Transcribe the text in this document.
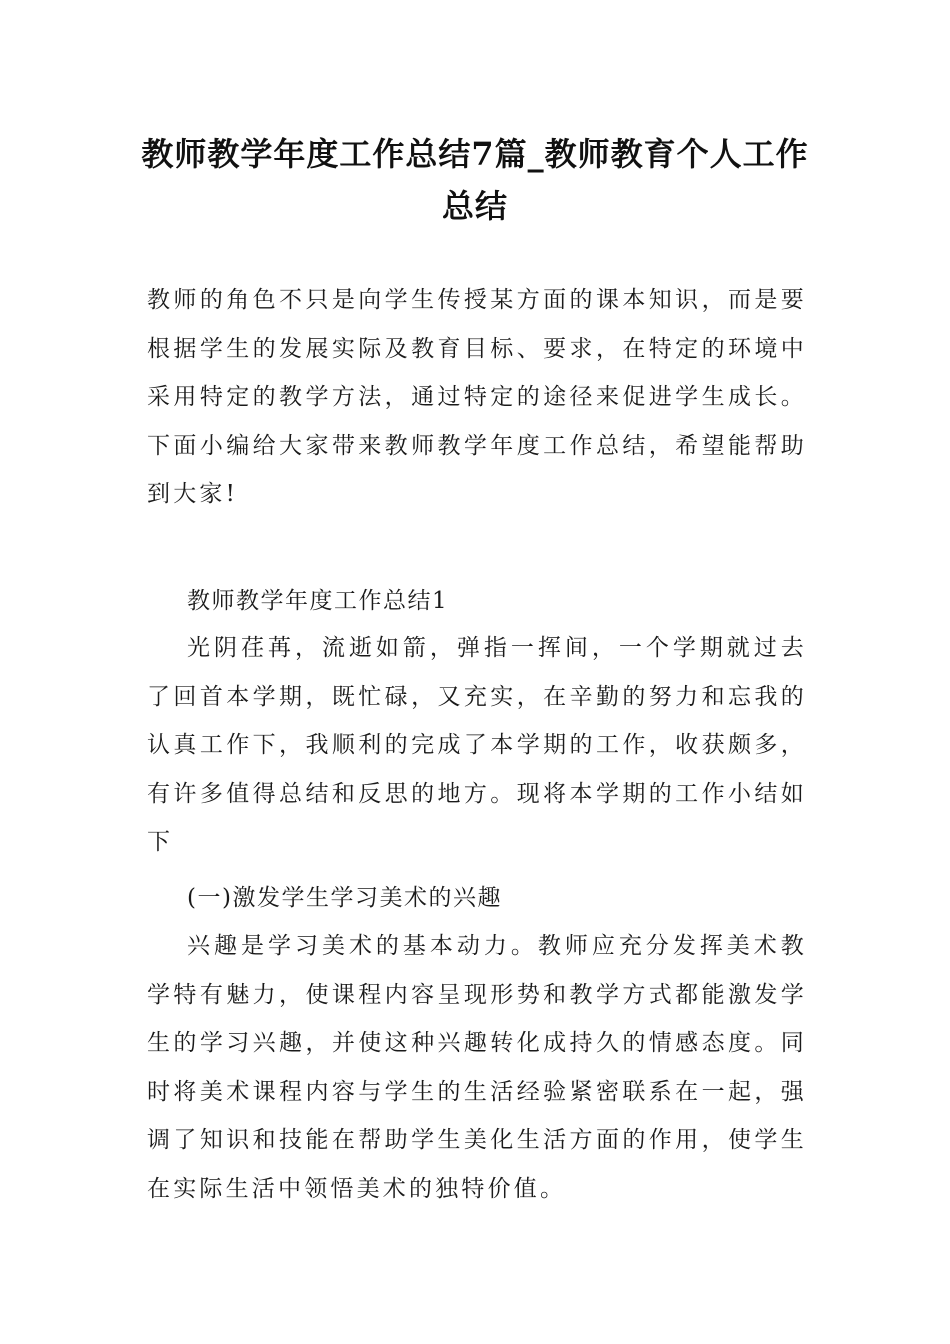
教师教学年度工作总结7篇_教师教育个人工作总结
教师的角色不只是向学生传授某方面的课本知识，而是要根据学生的发展实际及教育目标、要求，在特定的环境中采用特定的教学方法，通过特定的途径来促进学生成长。下面小编给大家带来教师教学年度工作总结，希望能帮助到大家!
教师教学年度工作总结1
光阴荏苒，流逝如箭，弹指一挥间，一个学期就过去了回首本学期，既忙碌，又充实，在辛勤的努力和忘我的认真工作下，我顺利的完成了本学期的工作，收获颇多，有许多值得总结和反思的地方。现将本学期的工作小结如下
(一)激发学生学习美术的兴趣
兴趣是学习美术的基本动力。教师应充分发挥美术教学特有魅力，使课程内容呈现形势和教学方式都能激发学生的学习兴趣，并使这种兴趣转化成持久的情感态度。同时将美术课程内容与学生的生活经验紧密联系在一起，强调了知识和技能在帮助学生美化生活方面的作用，使学生在实际生活中领悟美术的独特价值。
